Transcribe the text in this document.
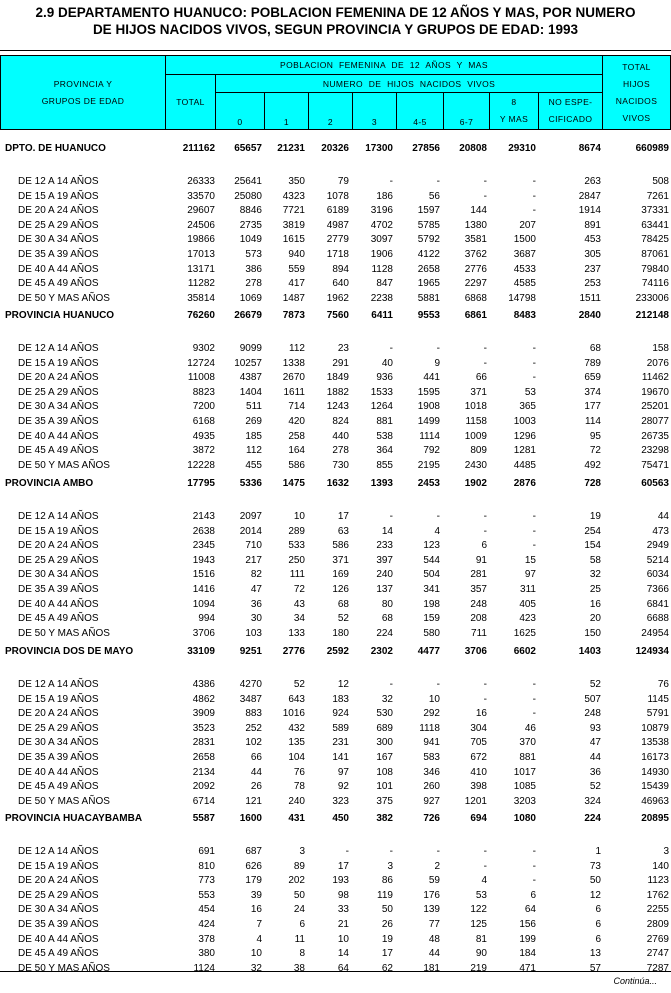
2.9 DEPARTAMENTO HUANUCO: POBLACION FEMENINA DE 12 AÑOS Y MAS, POR NUMERO
DE HIJOS NACIDOS VIVOS, SEGUN PROVINCIA Y GRUPOS DE EDAD: 1993
PROVINCIA Y
GRUPOS DE EDAD
POBLACION FEMENINA DE 12 AÑOS Y MAS	TOTAL
HIJOS
NACIDOS
VIVOS
TOTAL
NUMERO DE HIJOS NACIDOS VIVOS
0	1	2	3	4-5	6-7
8
Y MAS
NO ESPE-
CIFICADO
DPTO. DE HUANUCO	211162 65657 21231 20326 17300 27856 20808 29310	8674	660989
DE 12 A 14 AÑOS	26333 25641	350	79	-	-	-	-	263	508
DE 15 A 19 AÑOS	33570 25080 4323 1078	186	56	-	-	2847	7261
DE 20 A 24 AÑOS	29607 8846 7721 6189 3196 1597	144	-	1914	37331
DE 25 A 29 AÑOS	24506 2735 3819 4987 4702 5785 1380	207	891	63441
DE 30 A 34 AÑOS	19866 1049 1615 2779 3097 5792 3581	1500	453	78425
DE 35 A 39 AÑOS	17013	573	940 1718 1906 4122 3762	3687	305	87061
DE 40 A 44 AÑOS	13171	386	559	894 1128 2658 2776	4533	237	79840
DE 45 A 49 AÑOS	11282	278	417	640	847 1965 2297	4585	253	74116
DE 50 Y MAS AÑOS	35814 1069 1487 1962 2238 5881 6868 14798	1511	233006
PROVINCIA HUANUCO	76260 26679 7873 7560 6411 9553 6861	8483	2840	212148
DE 12 A 14 AÑOS	9302 9099	112	23	-	-	-	-	68	158
DE 15 A 19 AÑOS	12724 10257 1338	291	40	9	-	-	789	2076
DE 20 A 24 AÑOS	11008 4387 2670 1849	936	441	66	-	659	11462
DE 25 A 29 AÑOS	8823 1404 1611 1882 1533 1595	371	53	374	19670
DE 30 A 34 AÑOS	7200	511	714 1243 1264 1908 1018	365	177	25201
DE 35 A 39 AÑOS	6168	269	420	824	881 1499	1158	1003	114	28077
DE 40 A 44 AÑOS	4935	185	258	440	538	1114 1009	1296	95	26735
DE 45 A 49 AÑOS	3872	112	164	278	364	792	809	1281	72	23298
DE 50 Y MAS AÑOS	12228	455	586	730	855 2195 2430	4485	492	75471
PROVINCIA AMBO	17795 5336 1475 1632 1393 2453 1902	2876	728	60563
DE 12 A 14 AÑOS	2143 2097	10	17	-	-	-	-	19	44
DE 15 A 19 AÑOS	2638 2014	289	63	14	4	-	-	254	473
DE 20 A 24 AÑOS	2345	710	533	586	233	123	6	-	154	2949
DE 25 A 29 AÑOS	1943	217	250	371	397	544	91	15	58	5214
DE 30 A 34 AÑOS	1516	82	111	169	240	504	281	97	32	6034
DE 35 A 39 AÑOS	1416	47	72	126	137	341	357	311	25	7366
DE 40 A 44 AÑOS	1094	36	43	68	80	198	248	405	16	6841
DE 45 A 49 AÑOS	994	30	34	52	68	159	208	423	20	6688
DE 50 Y MAS AÑOS	3706	103	133	180	224	580	711	1625	150	24954
PROVINCIA DOS DE MAYO	33109 9251 2776 2592 2302 4477 3706	6602	1403	124934
DE 12 A 14 AÑOS	4386 4270	52	12	-	-	-	-	52	76
DE 15 A 19 AÑOS	4862 3487	643	183	32	10	-	-	507	1145
DE 20 A 24 AÑOS	3909	883 1016	924	530	292	16	-	248	5791
DE 25 A 29 AÑOS	3523	252	432	589	689	1118	304	46	93	10879
DE 30 A 34 AÑOS	2831	102	135	231	300	941	705	370	47	13538
DE 35 A 39 AÑOS	2658	66	104	141	167	583	672	881	44	16173
DE 40 A 44 AÑOS	2134	44	76	97	108	346	410	1017	36	14930
DE 45 A 49 AÑOS	2092	26	78	92	101	260	398	1085	52	15439
DE 50 Y MAS AÑOS	6714	121	240	323	375	927 1201	3203	324	46963
PROVINCIA HUACAYBAMBA	5587 1600	431	450	382	726	694	1080	224	20895
DE 12 A 14 AÑOS	691	687	3	-	-	-	-	-	1	3
DE 15 A 19 AÑOS	810	626	89	17	3	2	-	-	73	140
DE 20 A 24 AÑOS	773	179	202	193	86	59	4	-	50	1123
DE 25 A 29 AÑOS	553	39	50	98	119	176	53	6	12	1762
DE 30 A 34 AÑOS	454	16	24	33	50	139	122	64	6	2255
DE 35 A 39 AÑOS	424	7	6	21	26	77	125	156	6	2809
DE 40 A 44 AÑOS	378	4	11	10	19	48	81	199	6	2769
DE 45 A 49 AÑOS	380	10	8	14	17	44	90	184	13	2747
DE 50 Y MAS AÑOS	1124	32	38	64	62	181	219	471	57	7287
Continúa...
